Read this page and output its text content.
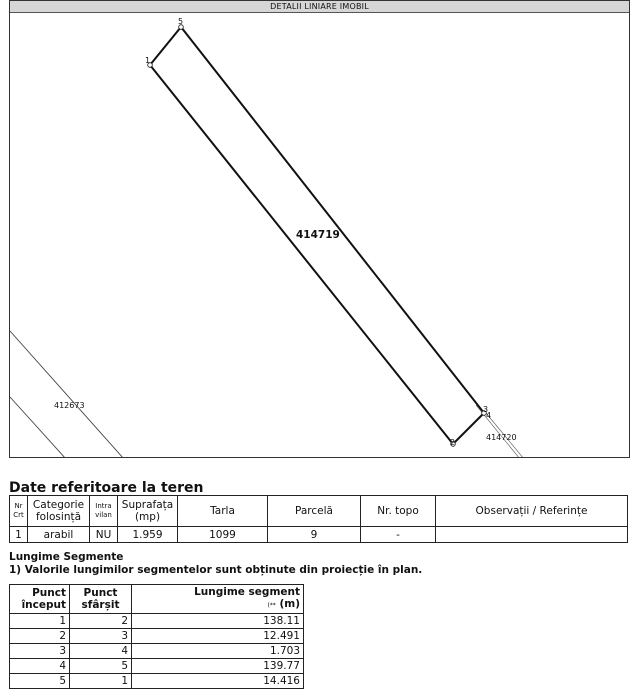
DETALII LINIARE IMOBIL
1
2
3
4
5
414719
412673
414720
Date referitoare la teren
Nr Crt	Categorie folosință	Intra vilan	Suprafața (mp)	Tarla	Parcelă	Nr. topo	Observații / Referințe
1	arabil	NU	1.959	1099	9	-	
Lungime Segmente
1) Valorile lungimilor segmentelor sunt obținute din proiecție în plan.
Punct început	Punct sfârșit	Lungime segment
(** (m)
1	2	138.11
2	3	12.491
3	4	1.703
4	5	139.77
5	1	14.416
